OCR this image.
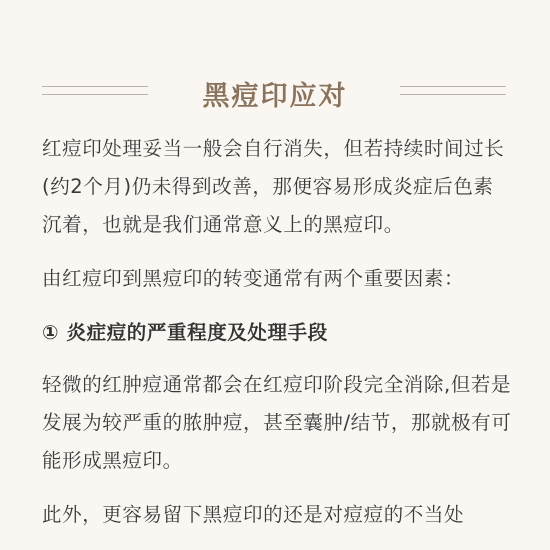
黑痘印应对

红痘印处理妥当一般会自行消失，但若持续时间过长(约2个月)仍未得到改善，那便容易形成炎症后色素沉着，也就是我们通常意义上的黑痘印。

由红痘印到黑痘印的转变通常有两个重要因素：

① 炎症痘的严重程度及处理手段

轻微的红肿痘通常都会在红痘印阶段完全消除,但若是发展为较严重的脓肿痘，甚至囊肿/结节，那就极有可能形成黑痘印。

此外，更容易留下黑痘印的还是对痘痘的不当处
